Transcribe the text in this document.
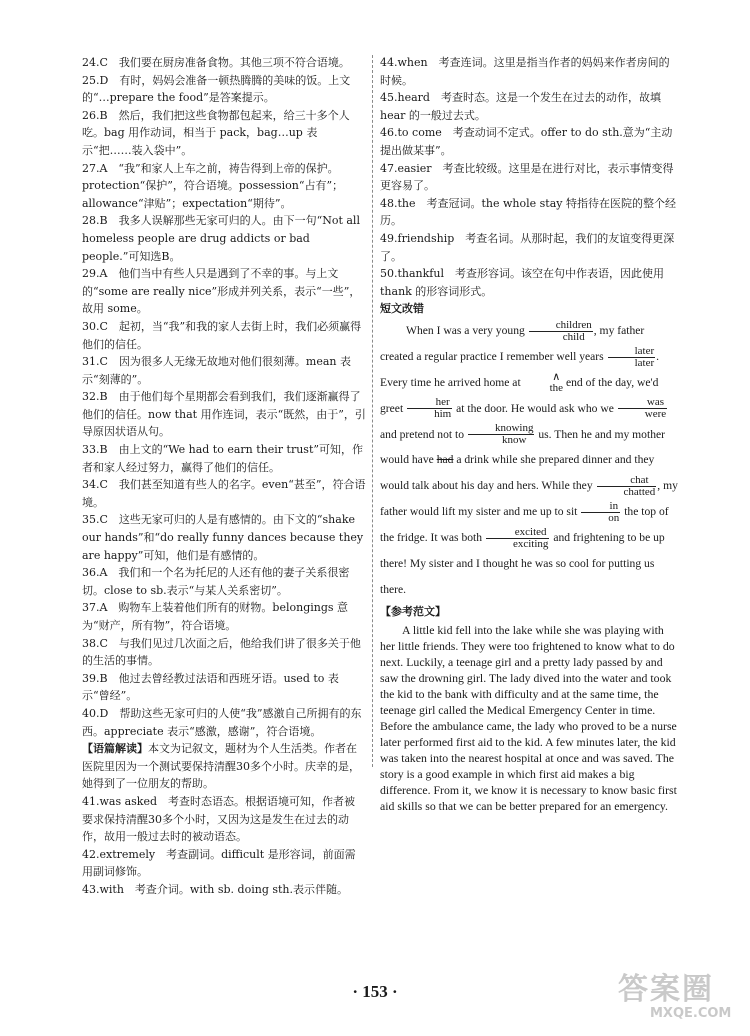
24.C　我们要在厨房准备食物。其他三项不符合语境。
25.D　有时，妈妈会准备一顿热腾腾的美味的饭。上文的“…prepare the food”是答案提示。
26.B　然后，我们把这些食物都包起来，给三十多个人吃。bag 用作动词，相当于 pack，bag…up 表示“把……装入袋中”。
27.A　“我”和家人上车之前，祷告得到上帝的保护。protection“保护”，符合语境。possession“占有”；allowance“津贴”；expectation“期待”。
28.B　我多人误解那些无家可归的人。由下一句“Not all homeless people are drug addicts or bad people.”可知选B。
29.A　他们当中有些人只是遇到了不幸的事。与上文的“some are really nice”形成并列关系，表示“一些”，故用 some。
30.C　起初，当“我”和我的家人去街上时，我们必须赢得他们的信任。
31.C　因为很多人无缘无故地对他们很刻薄。mean 表示“刻薄的”。
32.B　由于他们每个星期都会看到我们，我们逐渐赢得了他们的信任。now that 用作连词，表示“既然，由于”，引导原因状语从句。
33.B　由上文的“We had to earn their trust”可知，作者和家人经过努力，赢得了他们的信任。
34.C　我们甚至知道有些人的名字。even“甚至”，符合语境。
35.C　这些无家可归的人是有感情的。由下文的“shake our hands”和“do really funny dances because they are happy”可知，他们是有感情的。
36.A　我们和一个名为托尼的人还有他的妻子关系很密切。close to sb.表示“与某人关系密切”。
37.A　购物车上装着他们所有的财物。belongings 意为“财产，所有物”，符合语境。
38.C　与我们见过几次面之后，他给我们讲了很多关于他的生活的事情。
39.B　他过去曾经教过法语和西班牙语。used to 表示“曾经”。
40.D　帮助这些无家可归的人使“我”感激自己所拥有的东西。appreciate 表示“感激，感谢”，符合语境。
【语篇解读】本文为记叙文，题材为个人生活类。作者在医院里因为一个测试要保持清醒30多个小时。庆幸的是，她得到了一位朋友的帮助。
41.was asked　考查时态语态。根据语境可知，作者被要求保持清醒30多个小时，又因为这是发生在过去的动作，故用一般过去时的被动语态。
42.extremely　考查副词。difficult 是形容词，前面需用副词修饰。
43.with　考查介词。with sb. doing sth.表示伴随。
44.when　考查连词。这里是指当作者的妈妈来作者房间的时候。
45.heard　考查时态。这是一个发生在过去的动作，故填 hear 的一般过去式。
46.to come　考查动词不定式。offer to do sth.意为“主动提出做某事”。
47.easier　考查比较级。这里是在进行对比，表示事情变得更容易了。
48.the　考查冠词。the whole stay 特指待在医院的整个经历。
49.friendship　考查名词。从那时起，我们的友谊变得更深了。
50.thankful　考查形容词。该空在句中作表语，因此使用 thank 的形容词形式。
短文改错

When I was a very young	children
child , my father created a regular practice I remember well years	later
later . Every time he arrived home at	∧
the end of the day, we'd greet	her
him at the door. He would ask who we	was
were
and pretend not to	knowing
know	us. Then he and my mother would have had a drink while she prepared dinner and they would talk about his day and hers. While they	chat
chatted , my father would lift my sister and me up to sit $\frac{in}{on}$ the top of the fridge. It was both	excited
exciting and frightening to be up there! My sister and I thought he was so cool for putting us there.

【参考范文】

A little kid fell into the lake while she was playing with her little friends. They were too frightened to know what to do next. Luckily, a teenage girl and a pretty lady passed by and saw the drowning girl. The lady dived into the water and took the kid to the bank with difficulty and at the same time, the teenage girl called the Medical Emergency Center in time. Before the ambulance came, the lady who proved to be a nurse later performed first aid to the kid. A few minutes later, the kid was taken into the nearest hospital at once and was saved. The story is a good example in which first aid makes a big difference. From it, we know it is necessary to know basic first aid skills so that we can be better prepared for an emergency.

· 153 ·	答案圈
MXQE.COM
